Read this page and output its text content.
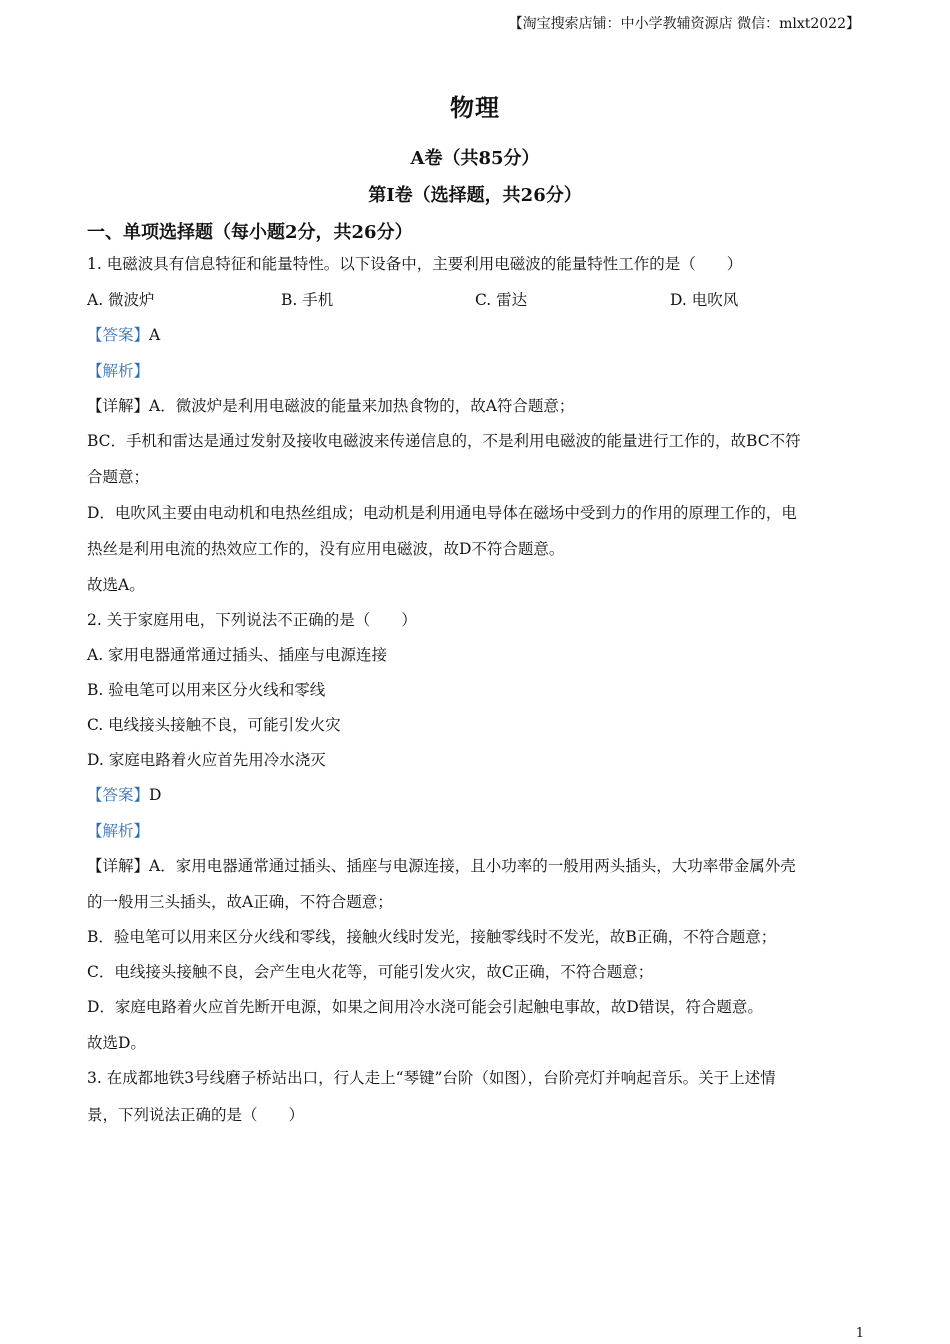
【淘宝搜索店铺：中小学教辅资源店 微信：mlxt2022】
物理
A卷（共85分）
第I卷（选择题，共26分）
一、单项选择题（每小题2分，共26分）
1. 电磁波具有信息特征和能量特性。以下设备中，主要利用电磁波的能量特性工作的是（　　）
A. 微波炉	B. 手机	C. 雷达	D. 电吹风
【答案】A
【解析】
【详解】A．微波炉是利用电磁波的能量来加热食物的，故A符合题意；
BC．手机和雷达是通过发射及接收电磁波来传递信息的，不是利用电磁波的能量进行工作的，故BC不符
合题意；
D．电吹风主要由电动机和电热丝组成；电动机是利用通电导体在磁场中受到力的作用的原理工作的，电
热丝是利用电流的热效应工作的，没有应用电磁波，故D不符合题意。
故选A。
2. 关于家庭用电，下列说法不正确的是（　　）
A. 家用电器通常通过插头、插座与电源连接
B. 验电笔可以用来区分火线和零线
C. 电线接头接触不良，可能引发火灾
D. 家庭电路着火应首先用冷水浇灭
【答案】D
【解析】
【详解】A．家用电器通常通过插头、插座与电源连接，且小功率的一般用两头插头，大功率带金属外壳
的一般用三头插头，故A正确，不符合题意；
B．验电笔可以用来区分火线和零线，接触火线时发光，接触零线时不发光，故B正确，不符合题意；
C．电线接头接触不良，会产生电火花等，可能引发火灾，故C正确，不符合题意；
D．家庭电路着火应首先断开电源，如果之间用冷水浇可能会引起触电事故，故D错误，符合题意。
故选D。
3. 在成都地铁3号线磨子桥站出口，行人走上“琴键”台阶（如图），台阶亮灯并响起音乐。关于上述情
景，下列说法正确的是（　　）
1
